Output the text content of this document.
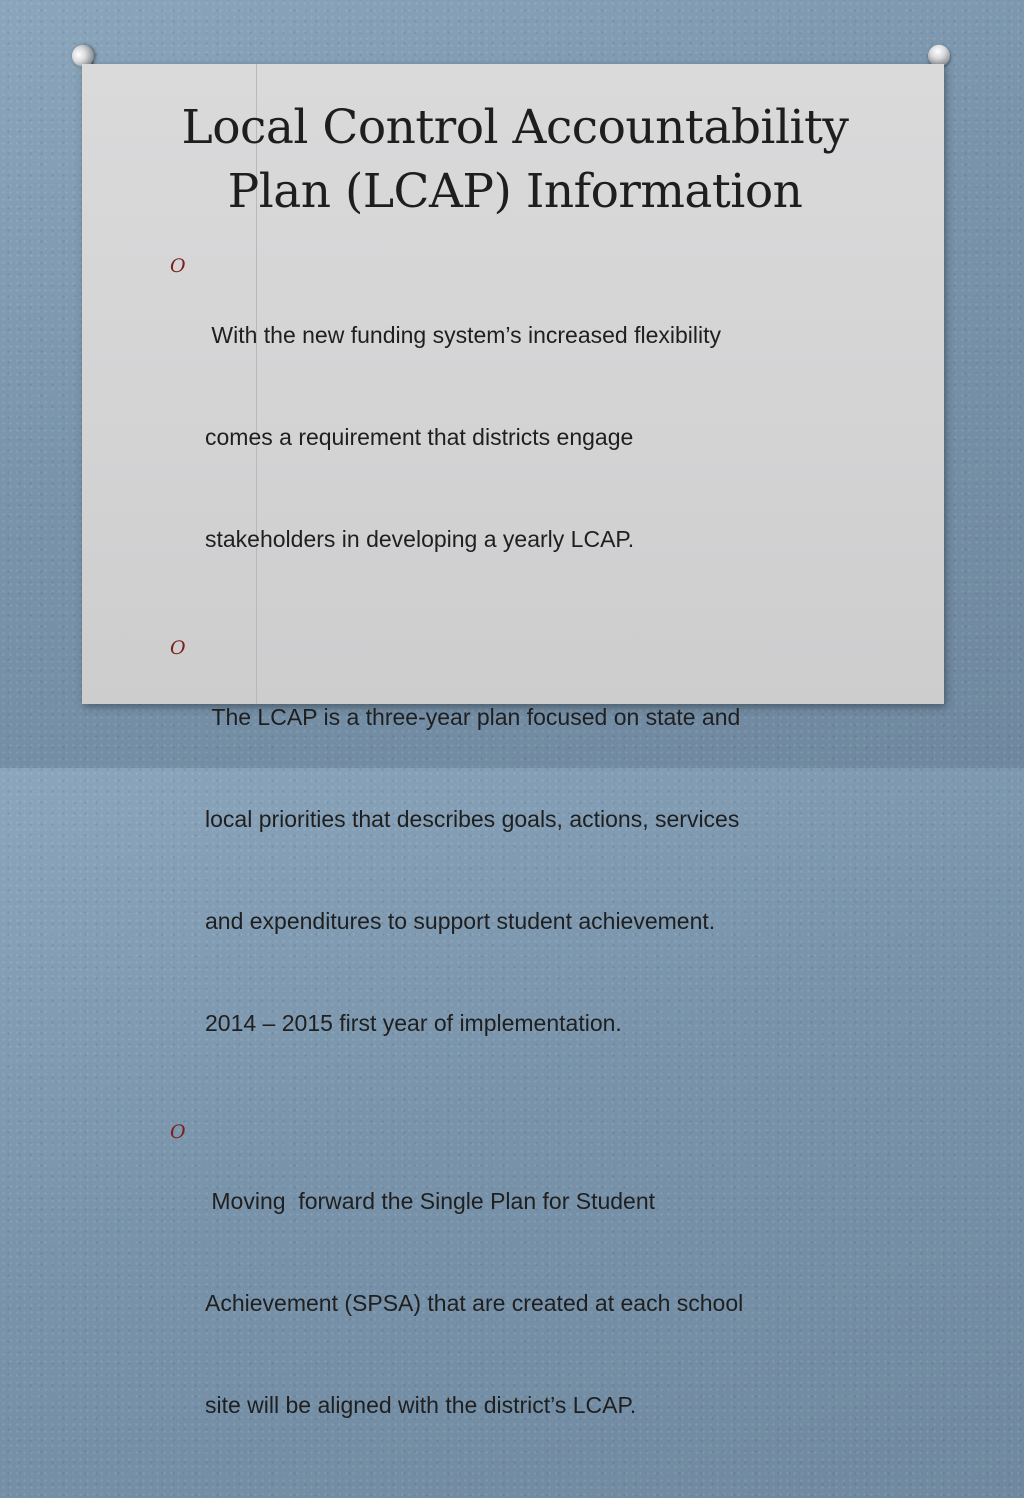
Local Control Accountability
Plan (LCAP) Information
O

With the new funding system’s increased flexibility

comes a requirement that districts engage

stakeholders in developing a yearly LCAP.

O

The LCAP is a three-year plan focused on state and

local priorities that describes goals, actions, services

and expenditures to support student achievement.

2014 – 2015 first year of implementation.

O

Moving  forward the Single Plan for Student

Achievement (SPSA) that are created at each school

site will be aligned with the district’s LCAP.
